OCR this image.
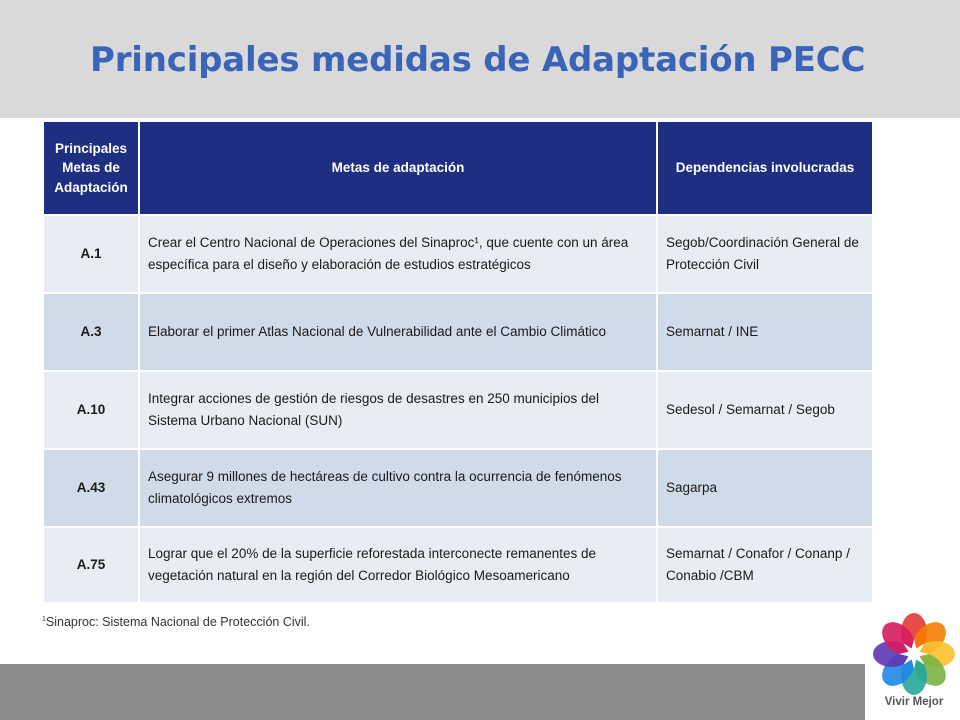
Principales medidas de Adaptación PECC
Principales Metas de Adaptación	Metas de adaptación	Dependencias involucradas
A.1	Crear el Centro Nacional de Operaciones del Sinaproc¹, que cuente con un área específica para el diseño y elaboración de estudios estratégicos	Segob/Coordinación General de Protección Civil
A.3	Elaborar el primer Atlas Nacional de Vulnerabilidad ante el Cambio Climático	Semarnat / INE
A.10	Integrar acciones de gestión de riesgos de desastres en 250 municipios del Sistema Urbano Nacional (SUN)	Sedesol / Semarnat / Segob
A.43	Asegurar 9 millones de hectáreas de cultivo contra la ocurrencia de fenómenos climatológicos extremos	Sagarpa
A.75	Lograr que el 20% de la superficie reforestada interconecte remanentes de vegetación natural en la región del Corredor Biológico Mesoamericano	Semarnat / Conafor / Conanp / Conabio /CBM

$^1$Sinaproc: Sistema Nacional de Protección Civil.

Vivir Mejor
